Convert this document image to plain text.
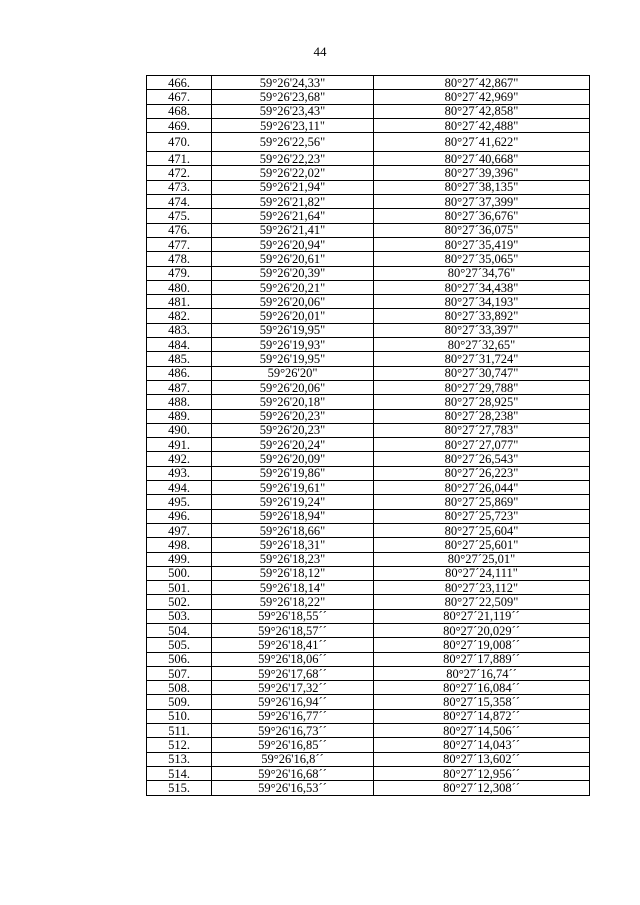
44
466.	59°26'24,33"	80°27´42,867"
467.	59°26'23,68"	80°27´42,969"
468.	59°26'23,43"	80°27´42,858"
469.	59°26'23,11"	80°27´42,488"
470.	59°26'22,56"	80°27´41,622"
471.	59°26'22,23"	80°27´40,668"
472.	59°26'22,02"	80°27´39,396"
473.	59°26'21,94"	80°27´38,135"
474.	59°26'21,82"	80°27´37,399"
475.	59°26'21,64"	80°27´36,676"
476.	59°26'21,41"	80°27´36,075"
477.	59°26'20,94"	80°27´35,419"
478.	59°26'20,61"	80°27´35,065"
479.	59°26'20,39"	80°27´34,76"
480.	59°26'20,21"	80°27´34,438"
481.	59°26'20,06"	80°27´34,193"
482.	59°26'20,01"	80°27´33,892"
483.	59°26'19,95"	80°27´33,397"
484.	59°26'19,93"	80°27´32,65"
485.	59°26'19,95"	80°27´31,724"
486.	59°26'20"	80°27´30,747"
487.	59°26'20,06"	80°27´29,788"
488.	59°26'20,18"	80°27´28,925"
489.	59°26'20,23"	80°27´28,238"
490.	59°26'20,23"	80°27´27,783"
491.	59°26'20,24"	80°27´27,077"
492.	59°26'20,09"	80°27´26,543"
493.	59°26'19,86"	80°27´26,223"
494.	59°26'19,61"	80°27´26,044"
495.	59°26'19,24"	80°27´25,869"
496.	59°26'18,94"	80°27´25,723"
497.	59°26'18,66"	80°27´25,604"
498.	59°26'18,31"	80°27´25,601"
499.	59°26'18,23"	80°27´25,01"
500.	59°26'18,12"	80°27´24,111"
501.	59°26'18,14"	80°27´23,112"
502.	59°26'18,22"	80°27´22,509"
503.	59°26'18,55´´	80°27´21,119´´
504.	59°26'18,57´´	80°27´20,029´´
505.	59°26'18,41´´	80°27´19,008´´
506.	59°26'18,06´´	80°27´17,889´´
507.	59°26'17,68´´	80°27´16,74´´
508.	59°26'17,32´´	80°27´16,084´´
509.	59°26'16,94´´	80°27´15,358´´
510.	59°26'16,77´´	80°27´14,872´´
511.	59°26'16,73´´	80°27´14,506´´
512.	59°26'16,85´´	80°27´14,043´´
513.	59°26'16,8´´	80°27´13,602´´
514.	59°26'16,68´´	80°27´12,956´´
515.	59°26'16,53´´	80°27´12,308´´
